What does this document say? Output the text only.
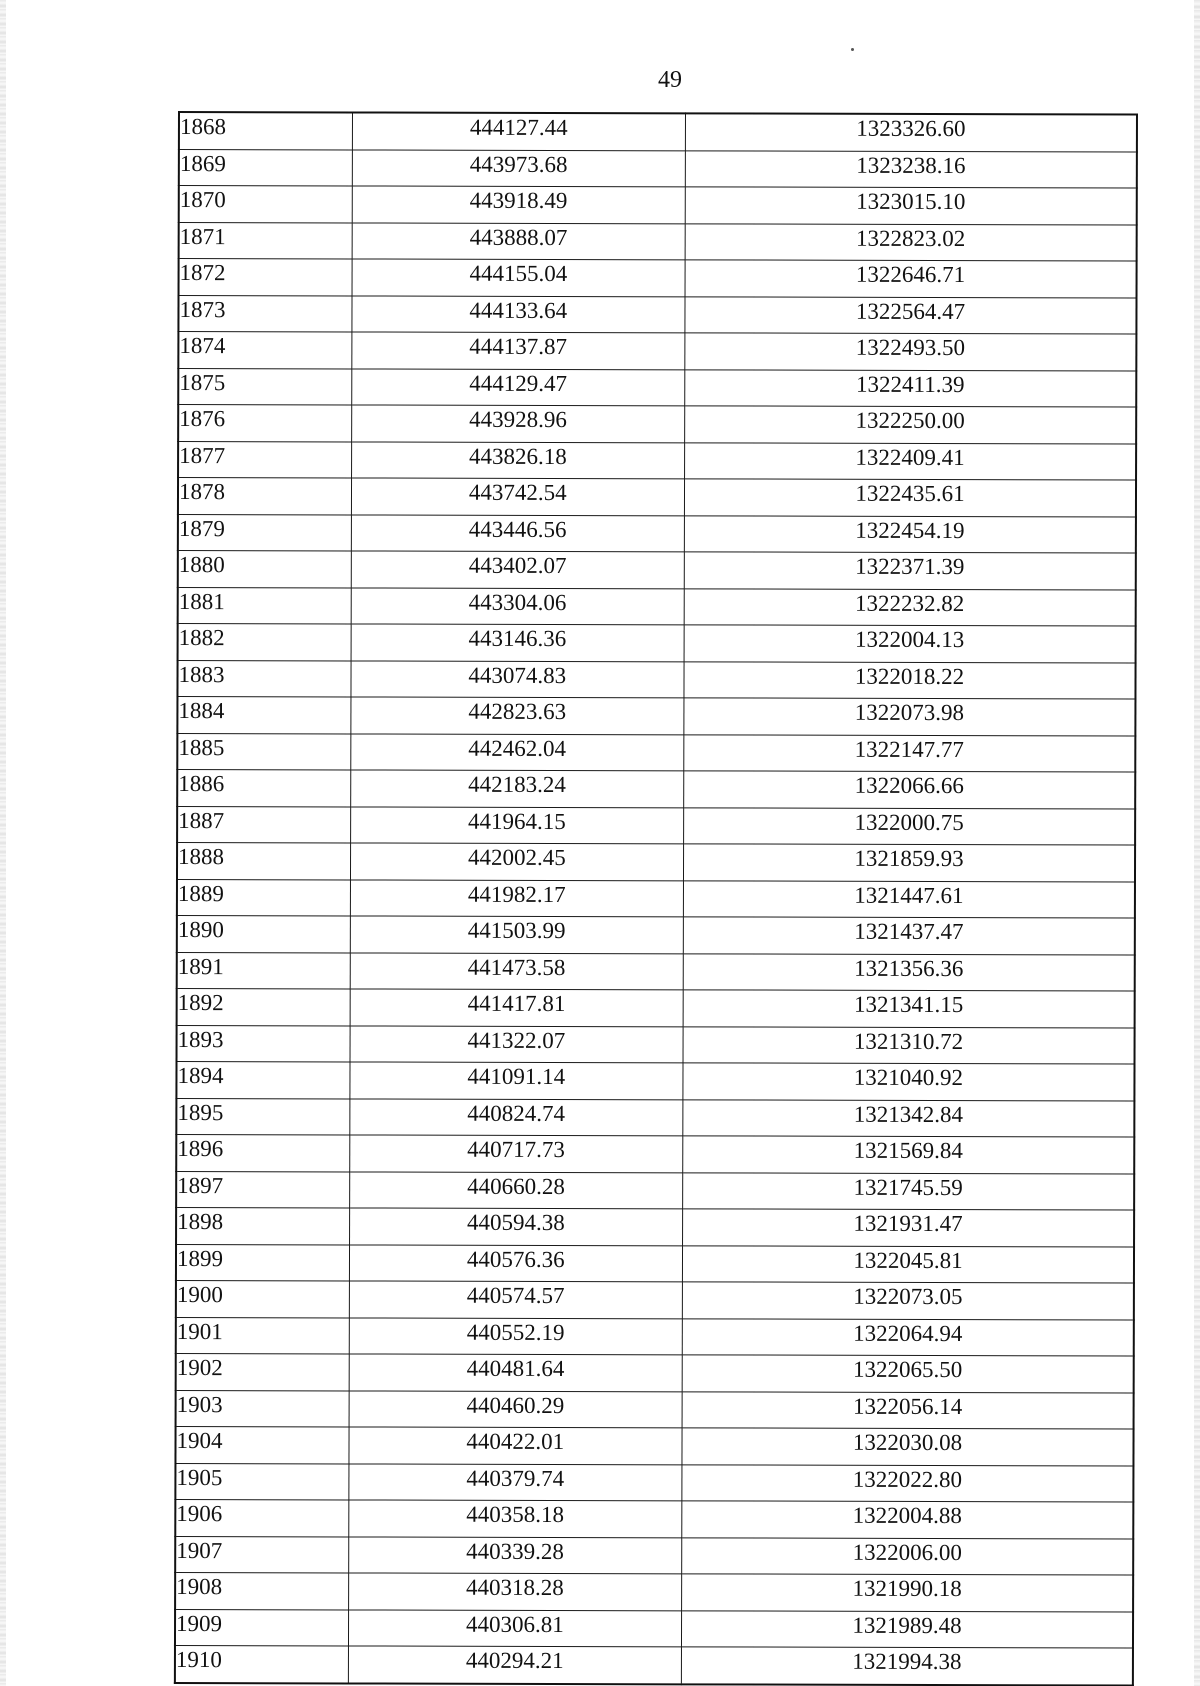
49
1868	444127.44	1323326.60
1869	443973.68	1323238.16
1870	443918.49	1323015.10
1871	443888.07	1322823.02
1872	444155.04	1322646.71
1873	444133.64	1322564.47
1874	444137.87	1322493.50
1875	444129.47	1322411.39
1876	443928.96	1322250.00
1877	443826.18	1322409.41
1878	443742.54	1322435.61
1879	443446.56	1322454.19
1880	443402.07	1322371.39
1881	443304.06	1322232.82
1882	443146.36	1322004.13
1883	443074.83	1322018.22
1884	442823.63	1322073.98
1885	442462.04	1322147.77
1886	442183.24	1322066.66
1887	441964.15	1322000.75
1888	442002.45	1321859.93
1889	441982.17	1321447.61
1890	441503.99	1321437.47
1891	441473.58	1321356.36
1892	441417.81	1321341.15
1893	441322.07	1321310.72
1894	441091.14	1321040.92
1895	440824.74	1321342.84
1896	440717.73	1321569.84
1897	440660.28	1321745.59
1898	440594.38	1321931.47
1899	440576.36	1322045.81
1900	440574.57	1322073.05
1901	440552.19	1322064.94
1902	440481.64	1322065.50
1903	440460.29	1322056.14
1904	440422.01	1322030.08
1905	440379.74	1322022.80
1906	440358.18	1322004.88
1907	440339.28	1322006.00
1908	440318.28	1321990.18
1909	440306.81	1321989.48
1910	440294.21	1321994.38
